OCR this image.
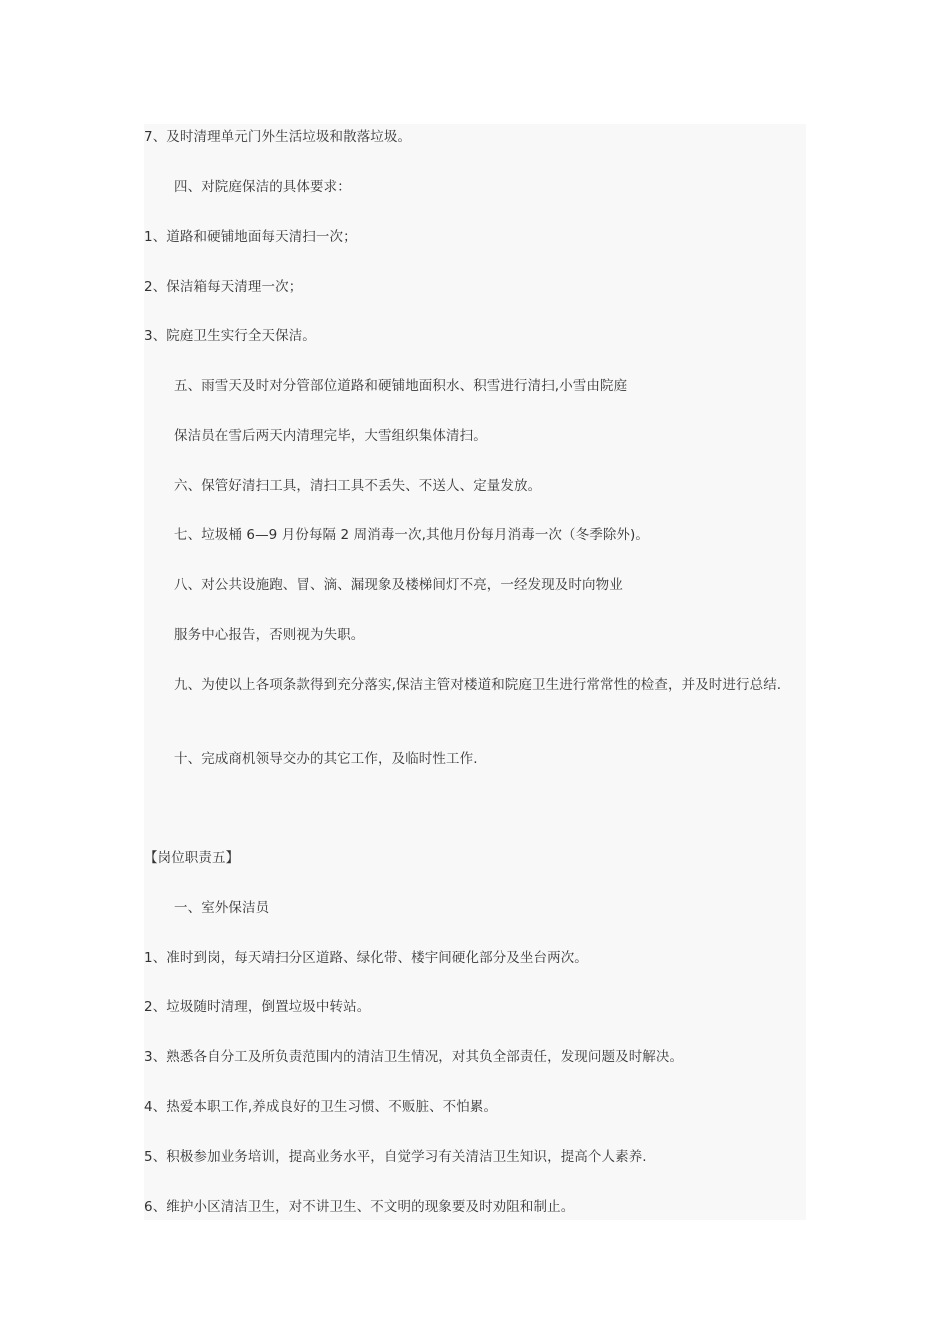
7、及时清理单元门外生活垃圾和散落垃圾。
四、对院庭保洁的具体要求：
1、道路和硬铺地面每天清扫一次；
2、保洁箱每天清理一次；
3、院庭卫生实行全天保洁。
五、雨雪天及时对分管部位道路和硬铺地面积水、积雪进行清扫,小雪由院庭
保洁员在雪后两天内清理完毕，大雪组织集体清扫。
六、保管好清扫工具，清扫工具不丢失、不送人、定量发放。
七、垃圾桶 6—9 月份每隔 2 周消毒一次,其他月份每月消毒一次（冬季除外)。
八、对公共设施跑、冒、滴、漏现象及楼梯间灯不亮，一经发现及时向物业
服务中心报告，否则视为失职。
九、为使以上各项条款得到充分落实,保洁主管对楼道和院庭卫生进行常常性的检查，并及时进行总结.
十、完成商机领导交办的其它工作，及临时性工作.
【岗位职责五】
一、室外保洁员
1、准时到岗，每天靖扫分区道路、绿化带、楼宇间硬化部分及坐台两次。
2、垃圾随时清理，倒置垃圾中转站。
3、熟悉各自分工及所负责范围内的清洁卫生情况，对其负全部责任，发现问题及时解决。
4、热爱本职工作,养成良好的卫生习惯、不贩脏、不怕累。
5、积极参加业务培训，提高业务水平，自觉学习有关清洁卫生知识，提高个人素养.
6、维护小区清洁卫生，对不讲卫生、不文明的现象要及时劝阻和制止。
